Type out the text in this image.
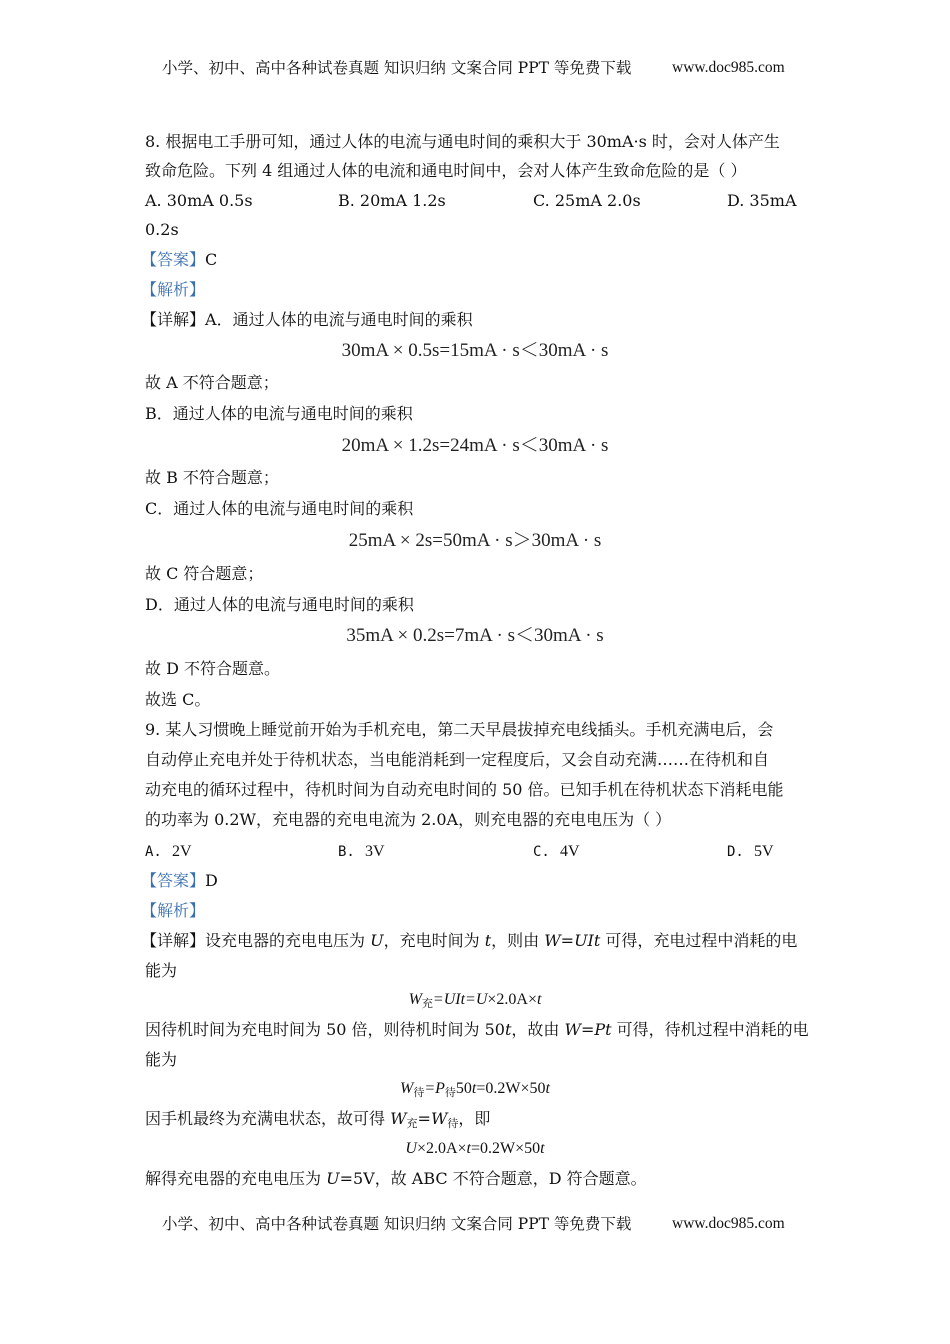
小学、初中、高中各种试卷真题 知识归纳 文案合同 PPT 等免费下载	www.doc985.com
8. 根据电工手册可知，通过人体的电流与通电时间的乘积大于 30mA·s 时，会对人体产生
致命危险。下列 4 组通过人体的电流和通电时间中，会对人体产生致命危险的是（ ）
A. 30mA 0.5s	B. 20mA 1.2s	C. 25mA 2.0s	D. 35mA
0.2s
【答案】C
【解析】
【详解】A．通过人体的电流与通电时间的乘积
30mA × 0.5s=15mA · s＜30mA · s
故 A 不符合题意；
B．通过人体的电流与通电时间的乘积
20mA × 1.2s=24mA · s＜30mA · s
故 B 不符合题意；
C．通过人体的电流与通电时间的乘积
25mA × 2s=50mA · s＞30mA · s
故 C 符合题意；
D．通过人体的电流与通电时间的乘积
35mA × 0.2s=7mA · s＜30mA · s
故 D 不符合题意。
故选 C。
9. 某人习惯晚上睡觉前开始为手机充电，第二天早晨拔掉充电线插头。手机充满电后，会
自动停止充电并处于待机状态，当电能消耗到一定程度后，又会自动充满……在待机和自
动充电的循环过程中，待机时间为自动充电时间的 50 倍。已知手机在待机状态下消耗电能
的功率为 0.2W，充电器的充电电流为 2.0A，则充电器的充电电压为（ ）
A. 2V	B. 3V	C. 4V	D. 5V
【答案】D
【解析】
【详解】设充电器的充电电压为 U，充电时间为 t，则由 W=UIt 可得，充电过程中消耗的电
能为
$W_充=UIt=U\times 2.0A\times t$
因待机时间为充电时间为 50 倍，则待机时间为 50t，故由 W=Pt 可得，待机过程中消耗的电
能为
$W_待=P_待50t=0.2W\times 50t$
因手机最终为充满电状态，故可得 $W_充=W_待$，即
U×2.0A×t=0.2W×50t
解得充电器的充电电压为 U=5V，故 ABC 不符合题意，D 符合题意。
小学、初中、高中各种试卷真题 知识归纳 文案合同 PPT 等免费下载	www.doc985.com
